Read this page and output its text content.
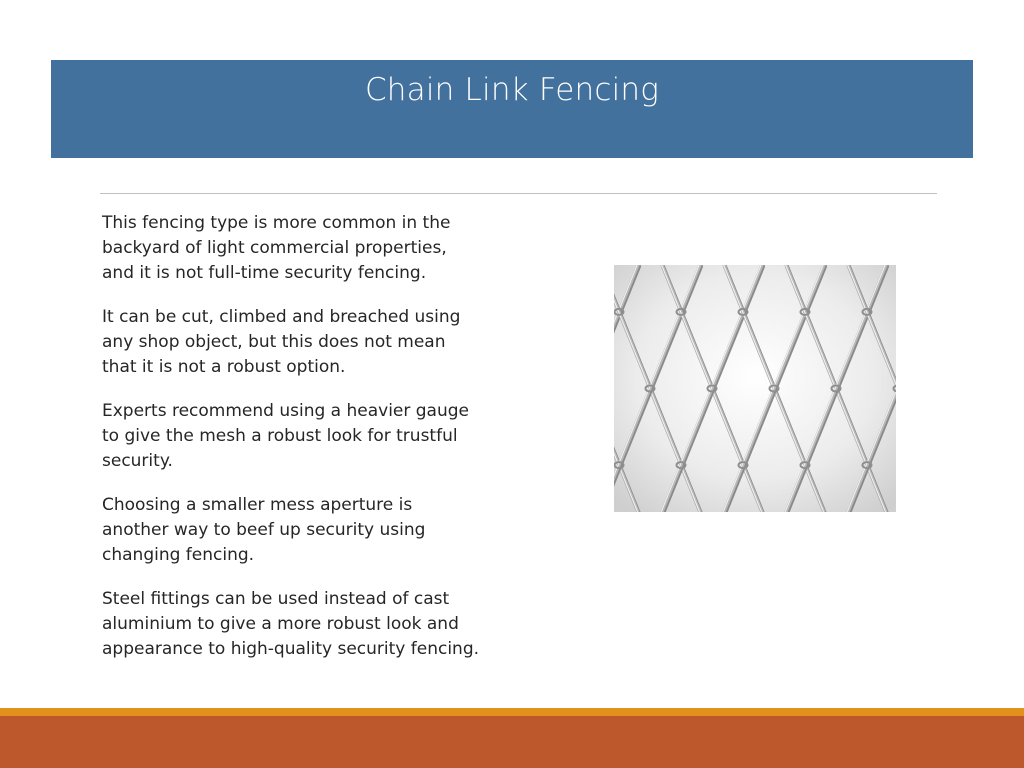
Chain Link Fencing

This fencing type is more common in the
backyard of light commercial properties,
and it is not full-time security fencing.

It can be cut, climbed and breached using
any shop object, but this does not mean
that it is not a robust option.

Experts recommend using a heavier gauge
to give the mesh a robust look for trustful
security.

Choosing a smaller mess aperture is
another way to beef up security using
changing fencing.

Steel fittings can be used instead of cast
aluminium to give a more robust look and
appearance to high-quality security fencing.
